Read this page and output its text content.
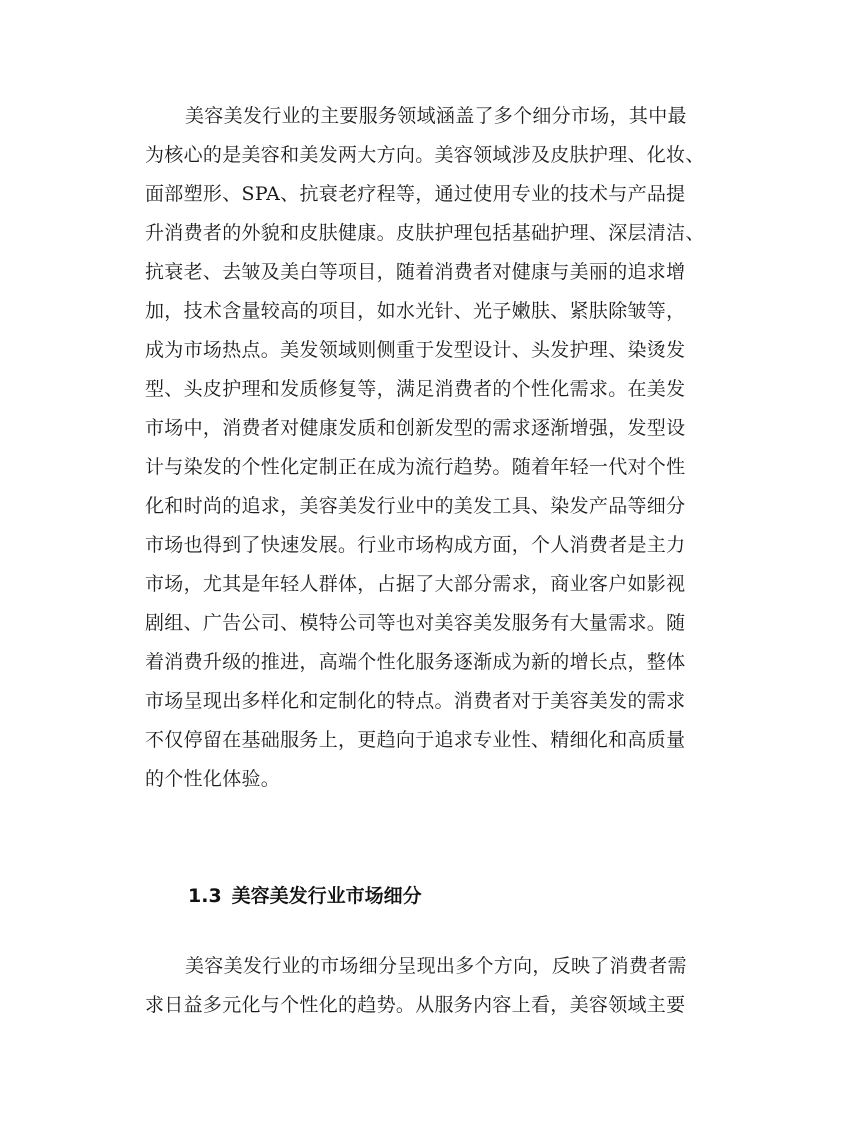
美容美发行业的主要服务领域涵盖了多个细分市场，其中最
为核心的是美容和美发两大方向。美容领域涉及皮肤护理、化妆、
面部塑形、SPA、抗衰老疗程等，通过使用专业的技术与产品提
升消费者的外貌和皮肤健康。皮肤护理包括基础护理、深层清洁、
抗衰老、去皱及美白等项目，随着消费者对健康与美丽的追求增
加，技术含量较高的项目，如水光针、光子嫩肤、紧肤除皱等，
成为市场热点。美发领域则侧重于发型设计、头发护理、染烫发
型、头皮护理和发质修复等，满足消费者的个性化需求。在美发
市场中，消费者对健康发质和创新发型的需求逐渐增强，发型设
计与染发的个性化定制正在成为流行趋势。随着年轻一代对个性
化和时尚的追求，美容美发行业中的美发工具、染发产品等细分
市场也得到了快速发展。行业市场构成方面，个人消费者是主力
市场，尤其是年轻人群体，占据了大部分需求，商业客户如影视
剧组、广告公司、模特公司等也对美容美发服务有大量需求。随
着消费升级的推进，高端个性化服务逐渐成为新的增长点，整体
市场呈现出多样化和定制化的特点。消费者对于美容美发的需求
不仅停留在基础服务上，更趋向于追求专业性、精细化和高质量
的个性化体验。
1.3 美容美发行业市场细分
美容美发行业的市场细分呈现出多个方向，反映了消费者需
求日益多元化与个性化的趋势。从服务内容上看，美容领域主要
